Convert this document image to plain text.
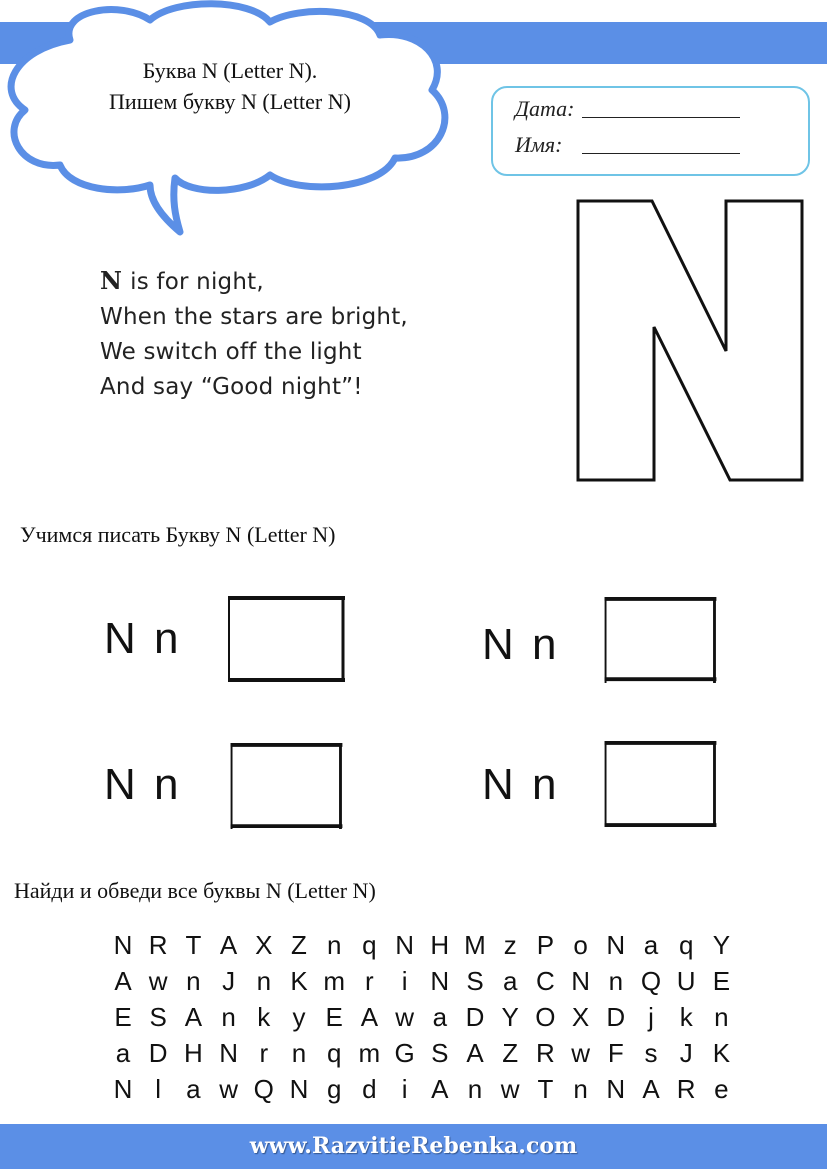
Буква N (Letter N).
Пишем букву N (Letter N)	Дата:
Имя:
N is for night,
When the stars are bright,
We switch off the light
And say “Good night”!
Учимся писать Букву N (Letter N)
N n	N n
N n	N n
Найди и обведи все буквы N (Letter N)
N R T A X Z n q N H M z P o N a q Y
A w n J n K m r	i N S a C N n Q U E
E S A n k y E A w a D Y O X D j k n
a D H N r n q m G S A Z R w F s J K
N l a w Q N g d i A n w T n N A R e
www.RazvitieRebenka.com
